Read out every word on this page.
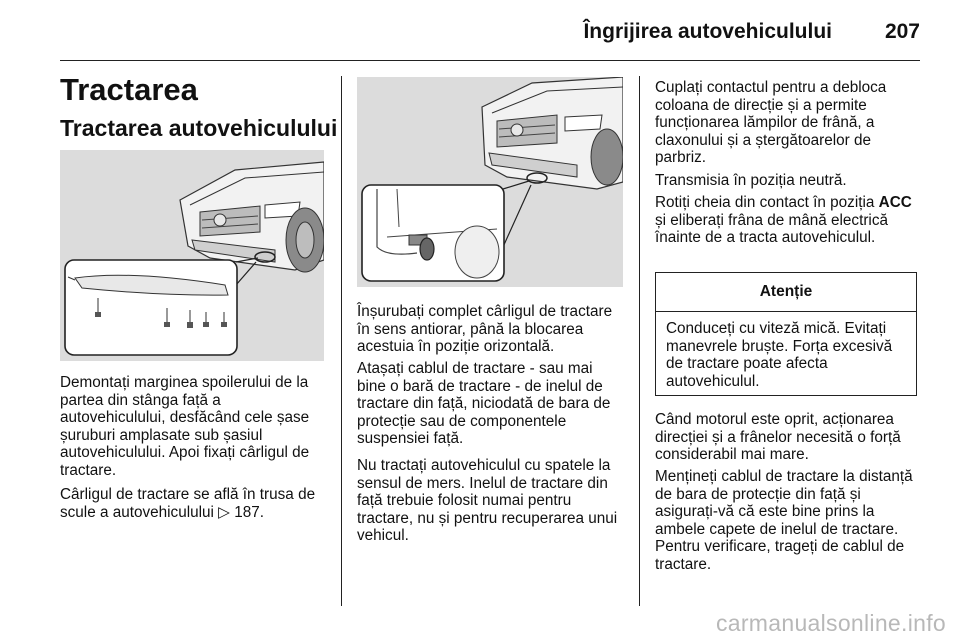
Îngrijirea autovehiculului	207
Tractarea
Tractarea autovehiculului

Demontați marginea spoilerului de la partea din stânga față a autovehiculului, desfăcând cele șase șuruburi amplasate sub șasiul autovehiculului. Apoi fixați cârligul de tractare.

Cârligul de tractare se află în trusa de scule a autovehiculului ▷ 187.

Înșurubați complet cârligul de tractare în sens antiorar, până la blocarea acestuia în poziție orizontală.

Atașați cablul de tractare - sau mai bine o bară de tractare - de inelul de tractare din față, niciodată de bara de protecție sau de componentele suspensiei față.

Nu tractați autovehiculul cu spatele la sensul de mers. Inelul de tractare din față trebuie folosit numai pentru tractare, nu și pentru recuperarea unui vehicul.

Cuplați contactul pentru a debloca coloana de direcție și a permite funcționarea lămpilor de frână, a claxonului și a ștergătoarelor de parbriz.

Transmisia în poziția neutră.

Rotiți cheia din contact în poziția ACC și eliberați frâna de mână electrică înainte de a tracta autovehiculul.

Atenție
Conduceți cu viteză mică. Evitați manevrele bruște. Forța excesivă de tractare poate afecta autovehiculul.

Când motorul este oprit, acționarea direcției și a frânelor necesită o forță considerabil mai mare.

Mențineți cablul de tractare la distanță de bara de protecție din față și asigurați-vă că este bine prins la ambele capete de inelul de tractare. Pentru verificare, trageți de cablul de tractare.

carmanualsonline.info
